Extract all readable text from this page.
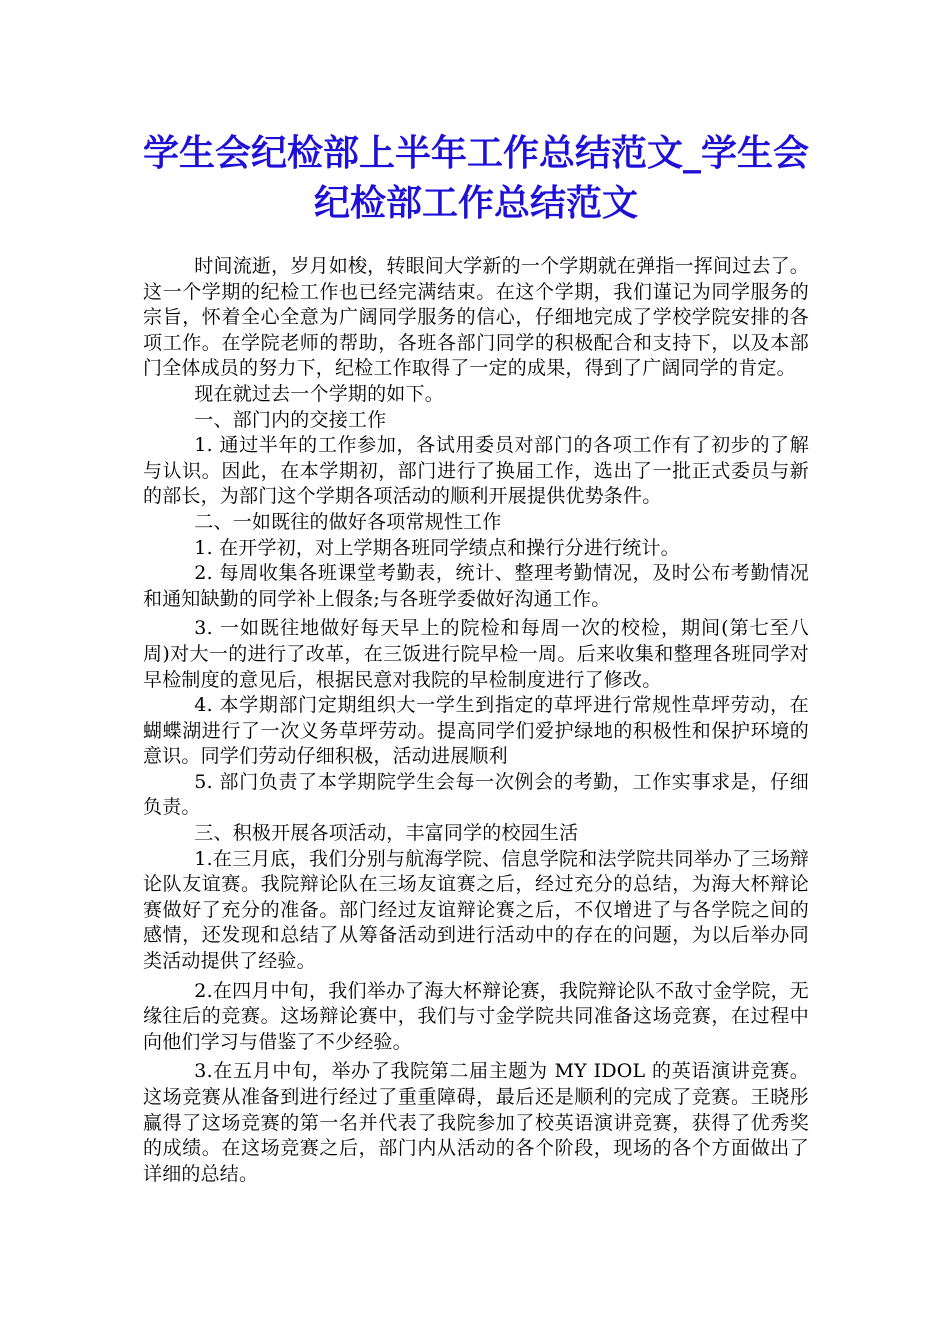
学生会纪检部上半年工作总结范文_学生会纪检部工作总结范文

时间流逝，岁月如梭，转眼间大学新的一个学期就在弹指一挥间过去了。这一个学期的纪检工作也已经完满结束。在这个学期，我们谨记为同学服务的宗旨，怀着全心全意为广阔同学服务的信心，仔细地完成了学校学院安排的各项工作。在学院老师的帮助，各班各部门同学的积极配合和支持下，以及本部门全体成员的努力下，纪检工作取得了一定的成果，得到了广阔同学的肯定。

现在就过去一个学期的如下。

一、部门内的交接工作

1. 通过半年的工作参加，各试用委员对部门的各项工作有了初步的了解与认识。因此，在本学期初，部门进行了换届工作，选出了一批正式委员与新的部长，为部门这个学期各项活动的顺利开展提供优势条件。

二、一如既往的做好各项常规性工作

1. 在开学初，对上学期各班同学绩点和操行分进行统计。

2. 每周收集各班课堂考勤表，统计、整理考勤情况，及时公布考勤情况和通知缺勤的同学补上假条;与各班学委做好沟通工作。

3. 一如既往地做好每天早上的院检和每周一次的校检，期间(第七至八周)对大一的进行了改革，在三饭进行院早检一周。后来收集和整理各班同学对早检制度的意见后，根据民意对我院的早检制度进行了修改。

4. 本学期部门定期组织大一学生到指定的草坪进行常规性草坪劳动，在蝴蝶湖进行了一次义务草坪劳动。提高同学们爱护绿地的积极性和保护环境的意识。同学们劳动仔细积极，活动进展顺利

5. 部门负责了本学期院学生会每一次例会的考勤，工作实事求是，仔细负责。

三、积极开展各项活动，丰富同学的校园生活

1.在三月底，我们分别与航海学院、信息学院和法学院共同举办了三场辩论队友谊赛。我院辩论队在三场友谊赛之后，经过充分的总结，为海大杯辩论赛做好了充分的准备。部门经过友谊辩论赛之后，不仅增进了与各学院之间的感情，还发现和总结了从筹备活动到进行活动中的存在的问题，为以后举办同类活动提供了经验。

2.在四月中旬，我们举办了海大杯辩论赛，我院辩论队不敌寸金学院，无缘往后的竞赛。这场辩论赛中，我们与寸金学院共同准备这场竞赛，在过程中向他们学习与借鉴了不少经验。

3.在五月中旬，举办了我院第二届主题为 MY IDOL 的英语演讲竞赛。这场竞赛从准备到进行经过了重重障碍，最后还是顺利的完成了竞赛。王晓彤赢得了这场竞赛的第一名并代表了我院参加了校英语演讲竞赛，获得了优秀奖的成绩。在这场竞赛之后，部门内从活动的各个阶段，现场的各个方面做出了详细的总结。
